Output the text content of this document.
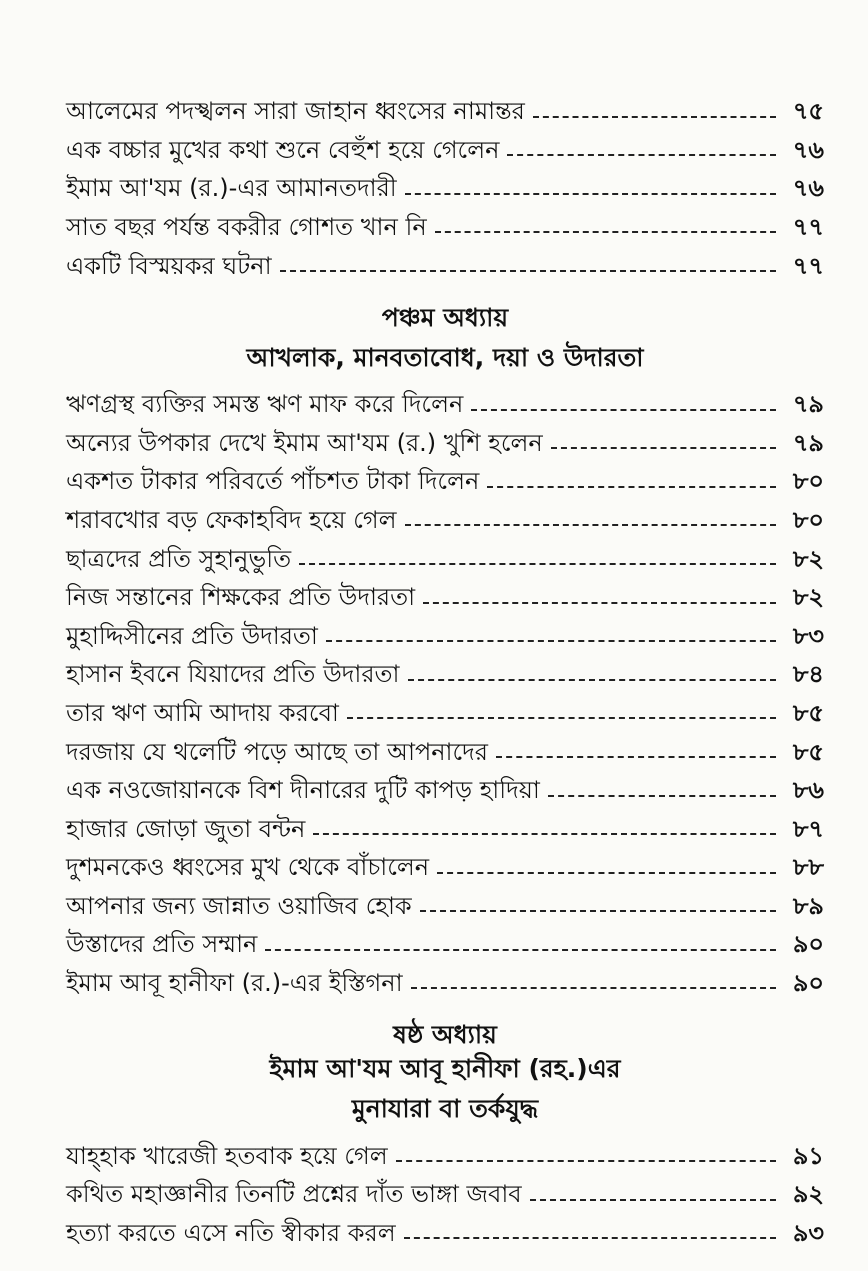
আলেমের পদস্খলন সারা জাহান ধ্বংসের নামান্তর	৭৫
এক বচ্চার মুখের কথা শুনে বেহুঁশ হয়ে গেলেন	৭৬
ইমাম আ'যম (র.)-এর আমানতদারী	৭৬
সাত বছর পর্যন্ত বকরীর গোশত খান নি	৭৭
একটি বিস্ময়কর ঘটনা	৭৭
পঞ্চম অধ্যায়
আখলাক, মানবতাবোধ, দয়া ও উদারতা
ঋণগ্রস্থ ব্যক্তির সমস্ত ঋণ মাফ করে দিলেন	৭৯
অন্যের উপকার দেখে ইমাম আ'যম (র.) খুশি হলেন	৭৯
একশত টাকার পরিবর্তে পাঁচশত টাকা দিলেন	৮০
শরাবখোর বড় ফেকাহবিদ হয়ে গেল	৮০
ছাত্রদের প্রতি সুহানুভুতি	৮২
নিজ সন্তানের শিক্ষকের প্রতি উদারতা	৮২
মুহাদ্দিসীনের প্রতি উদারতা	৮৩
হাসান ইবনে যিয়াদের প্রতি উদারতা	৮৪
তার ঋণ আমি আদায় করবো	৮৫
দরজায় যে থলেটি পড়ে আছে তা আপনাদের	৮৫
এক নওজোয়ানকে বিশ দীনারের দুটি কাপড় হাদিয়া	৮৬
হাজার জোড়া জুতা বন্টন	৮৭
দুশমনকেও ধ্বংসের মুখ থেকে বাঁচালেন	৮৮
আপনার জন্য জান্নাত ওয়াজিব হোক	৮৯
উস্তাদের প্রতি সম্মান	৯০
ইমাম আবূ হানীফা (র.)-এর ইস্তিগনা	৯০
ষষ্ঠ অধ্যায়
ইমাম আ'যম আবূ হানীফা (রহ.)এর
মুনাযারা বা তর্কযুদ্ধ
যাহ্‌হাক খারেজী হতবাক হয়ে গেল	৯১
কথিত মহাজ্ঞানীর তিনটি প্রশ্নের দাঁত ভাঙ্গা জবাব	৯২
হত্যা করতে এসে নতি স্বীকার করল	৯৩
